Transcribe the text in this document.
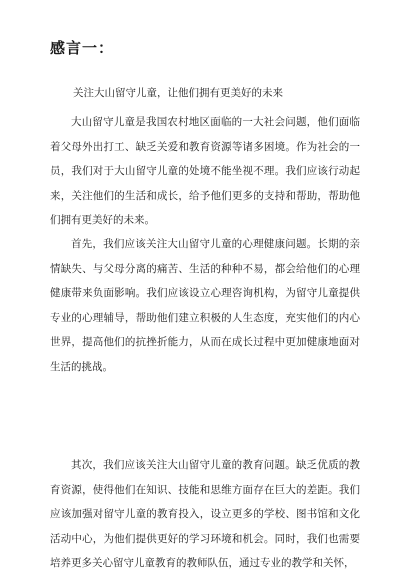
感言一：
关注大山留守儿童，让他们拥有更美好的未来

大山留守儿童是我国农村地区面临的一大社会问题，他们面临着父母外出打工、缺乏关爱和教育资源等诸多困境。作为社会的一员，我们对于大山留守儿童的处境不能坐视不理。我们应该行动起来，关注他们的生活和成长，给予他们更多的支持和帮助，帮助他们拥有更美好的未来。

首先，我们应该关注大山留守儿童的心理健康问题。长期的亲情缺失、与父母分离的痛苦、生活的种种不易，都会给他们的心理健康带来负面影响。我们应该设立心理咨询机构，为留守儿童提供专业的心理辅导，帮助他们建立积极的人生态度，充实他们的内心世界，提高他们的抗挫折能力，从而在成长过程中更加健康地面对生活的挑战。

其次，我们应该关注大山留守儿童的教育问题。缺乏优质的教育资源，使得他们在知识、技能和思维方面存在巨大的差距。我们应该加强对留守儿童的教育投入，设立更多的学校、图书馆和文化活动中心，为他们提供更好的学习环境和机会。同时，我们也需要培养更多关心留守儿童教育的教师队伍，通过专业的教学和关怀，
